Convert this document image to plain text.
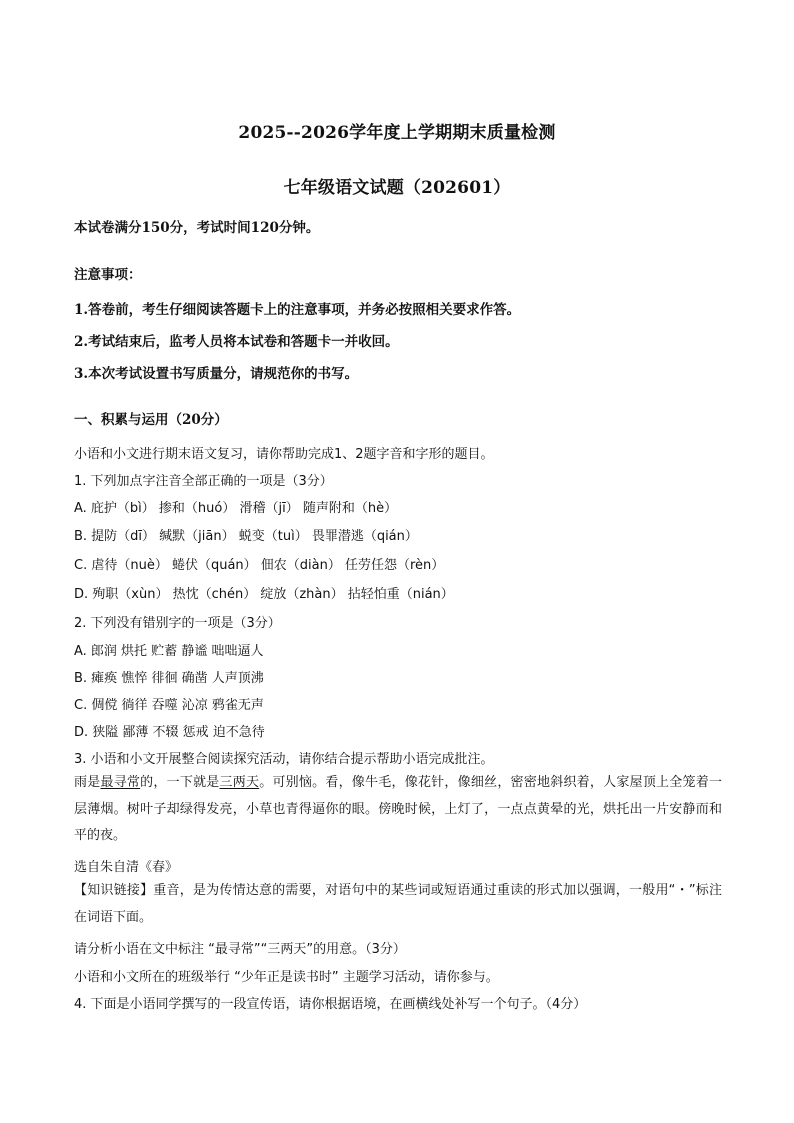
2025--2026学年度上学期期末质量检测
七年级语文试题（202601）
本试卷满分150分，考试时间120分钟。
注意事项：
1.答卷前，考生仔细阅读答题卡上的注意事项，并务必按照相关要求作答。
2.考试结束后，监考人员将本试卷和答题卡一并收回。
3.本次考试设置书写质量分，请规范你的书写。
一、积累与运用（20分）
小语和小文进行期末语文复习，请你帮助完成1、2题字音和字形的题目。
1. 下列加点字注音全部正确的一项是（3分）
A. 庇护（bì） 掺和（huó） 滑稽（jī） 随声附和（hè）
B. 提防（dī） 缄默（jiān） 蜕变（tuì） 畏罪潜逃（qián）
C. 虐待（nuè） 蜷伏（quán） 佃农（diàn） 任劳任怨（rèn）
D. 殉职（xùn） 热忱（chén） 绽放（zhàn） 拈轻怕重（nián）
2. 下列没有错别字的一项是（3分）
A. 郎润 烘托 贮蓄 静谧 咄咄逼人
B. 瘫痪 憔悴 徘徊 确凿 人声顶沸
C. 倜傥 徜徉 吞噬 沁凉 鸦雀无声
D. 狭隘 鄙薄 不辍 惩戒 迫不急待
3. 小语和小文开展整合阅读探究活动，请你结合提示帮助小语完成批注。
雨是最寻常的，一下就是三两天。可别恼。看，像牛毛，像花针，像细丝，密密地斜织着，人家屋顶上全笼着一层薄烟。树叶子却绿得发亮，小草也青得逼你的眼。傍晚时候，上灯了，一点点黄晕的光，烘托出一片安静而和平的夜。
选自朱自清《春》
【知识链接】重音，是为传情达意的需要，对语句中的某些词或短语通过重读的形式加以强调，一般用“・”标注在词语下面。
请分析小语在文中标注 “最寻常”“三两天”的用意。（3分）
小语和小文所在的班级举行 “少年正是读书时” 主题学习活动，请你参与。
4. 下面是小语同学撰写的一段宣传语，请你根据语境，在画横线处补写一个句子。（4分）
